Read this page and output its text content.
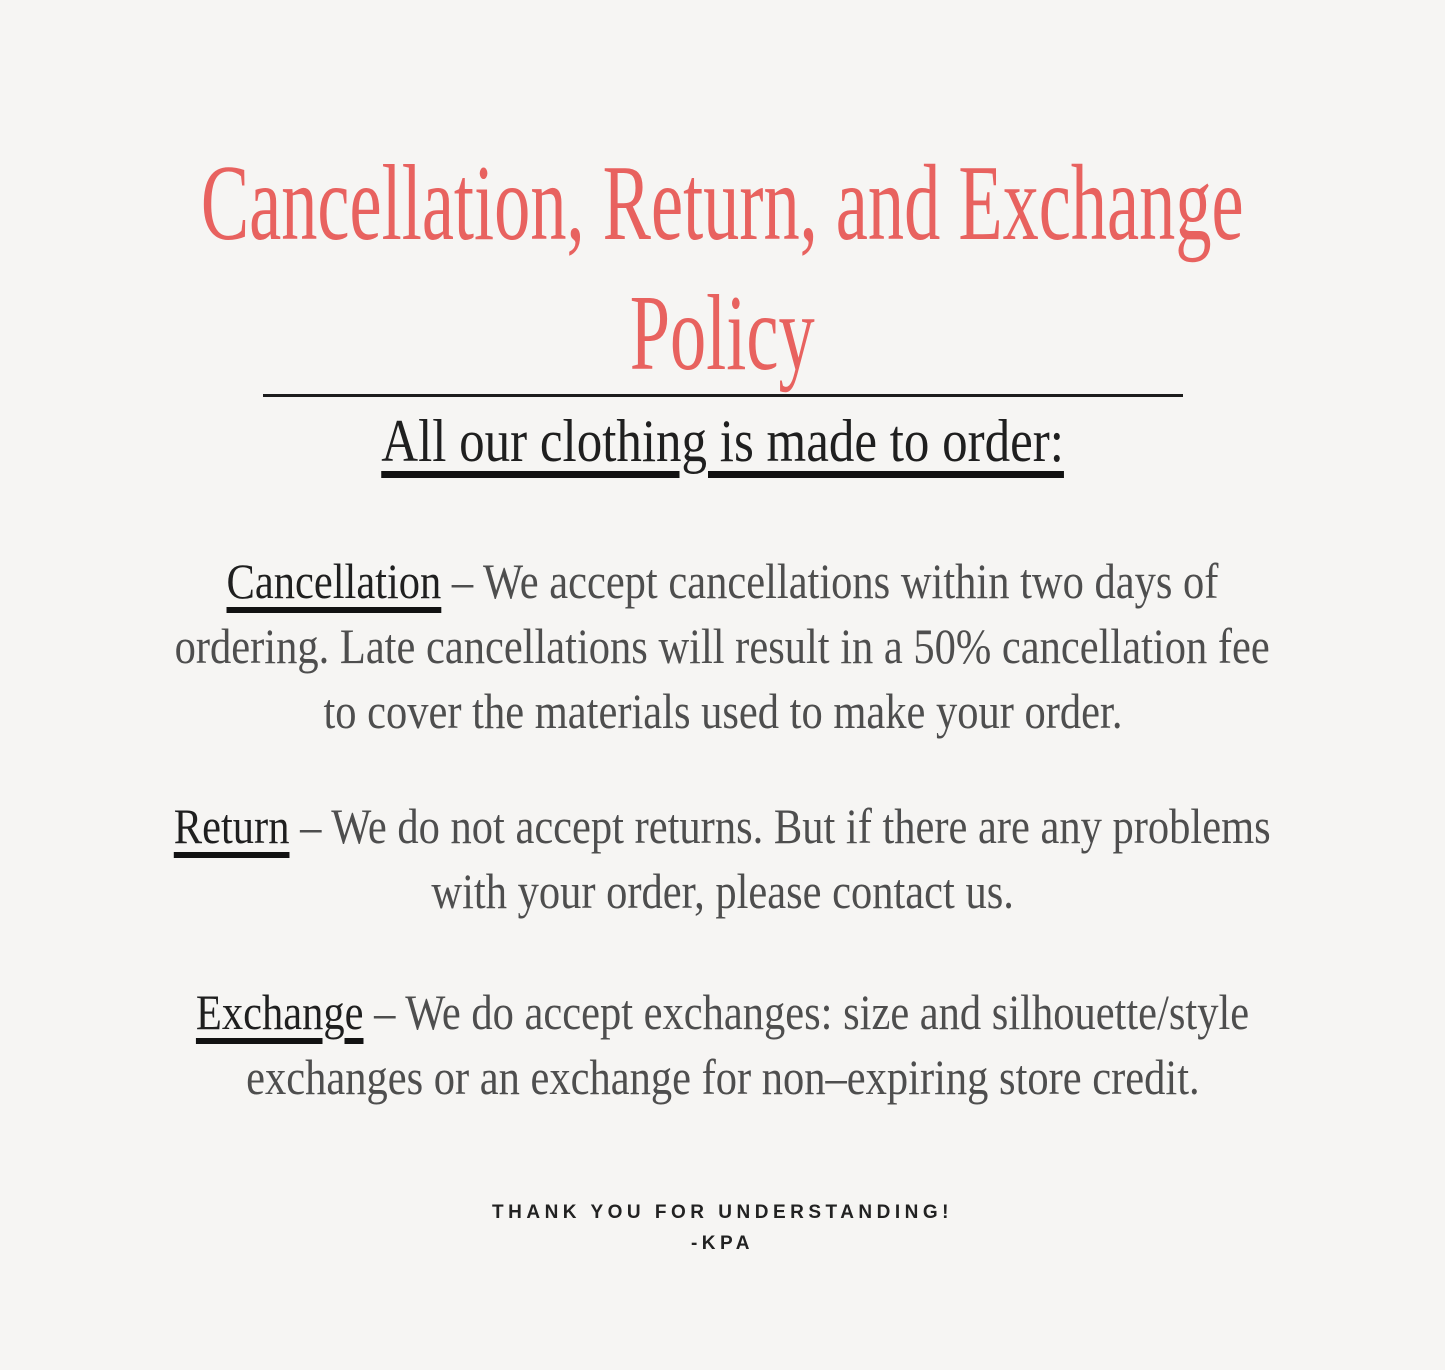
Cancellation, Return, and Exchange
Policy
All our clothing is made to order:
Cancellation – We accept cancellations within two days of
ordering. Late cancellations will result in a 50% cancellation fee
to cover the materials used to make your order.
Return – We do not accept returns. But if there are any problems
with your order, please contact us.
Exchange – We do accept exchanges: size and silhouette/style
exchanges or an exchange for non–expiring store credit.
THANK YOU FOR UNDERSTANDING!
-KPA
